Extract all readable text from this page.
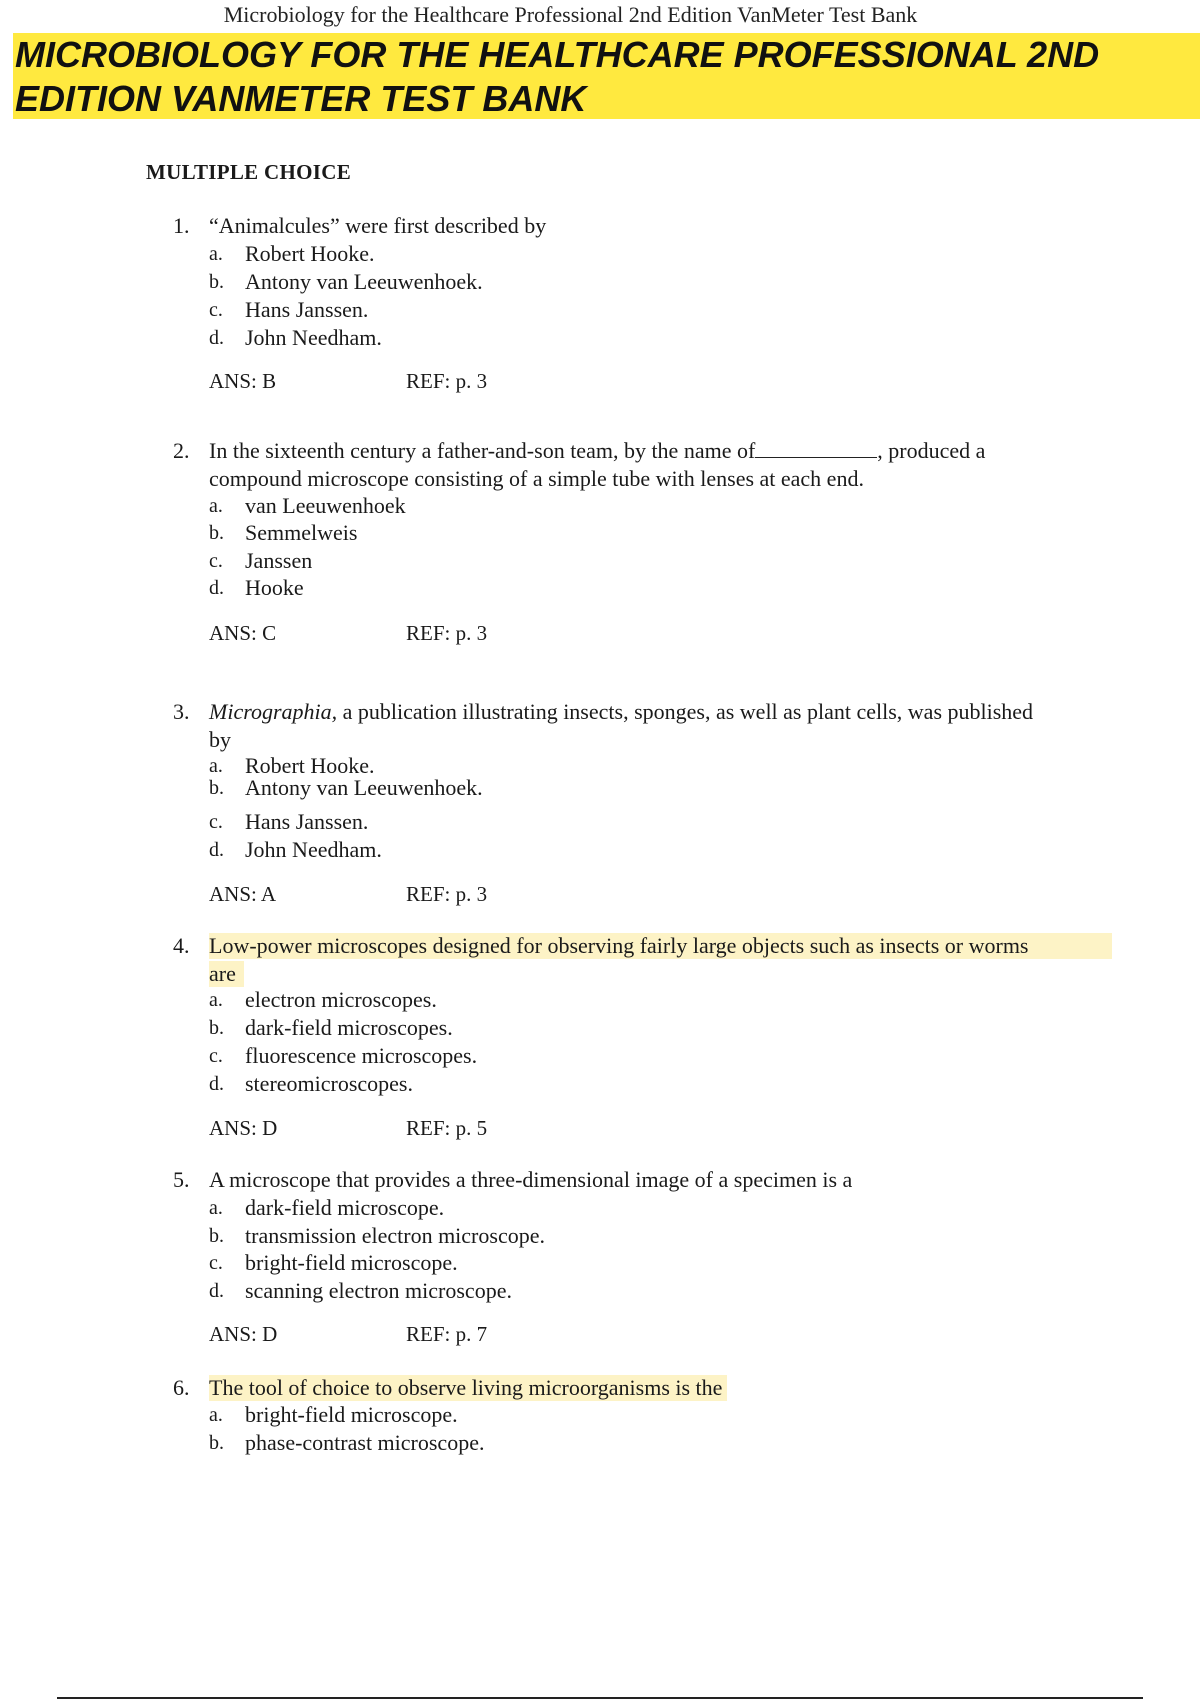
Microbiology for the Healthcare Professional 2nd Edition VanMeter Test Bank
MICROBIOLOGY FOR THE HEALTHCARE PROFESSIONAL 2ND
EDITION VANMETER TEST BANK
MULTIPLE CHOICE
1. “Animalcules” were first described by
a. Robert Hooke.
b. Antony van Leeuwenhoek.
c. Hans Janssen.
d. John Needham.
ANS: B	REF: p. 3
2. In the sixteenth century a father-and-son team, by the name of	, produced a
compound microscope consisting of a simple tube with lenses at each end.
a. van Leeuwenhoek
b. Semmelweis
c. Janssen
d. Hooke
ANS: C	REF: p. 3
3. Micrographia, a publication illustrating insects, sponges, as well as plant cells, was published
by
a. Robert Hooke.
b. Antony van Leeuwenhoek.
c. Hans Janssen.
d. John Needham.
ANS: A	REF: p. 3
4. Low-power microscopes designed for observing fairly large objects such as insects or worms
are
a. electron microscopes.
b. dark-field microscopes.
c. fluorescence microscopes.
d. stereomicroscopes.
ANS: D	REF: p. 5
5. A microscope that provides a three-dimensional image of a specimen is a
a. dark-field microscope.
b. transmission electron microscope.
c. bright-field microscope.
d. scanning electron microscope.
ANS: D	REF: p. 7
6. The tool of choice to observe living microorganisms is the
a. bright-field microscope.
b. phase-contrast microscope.
